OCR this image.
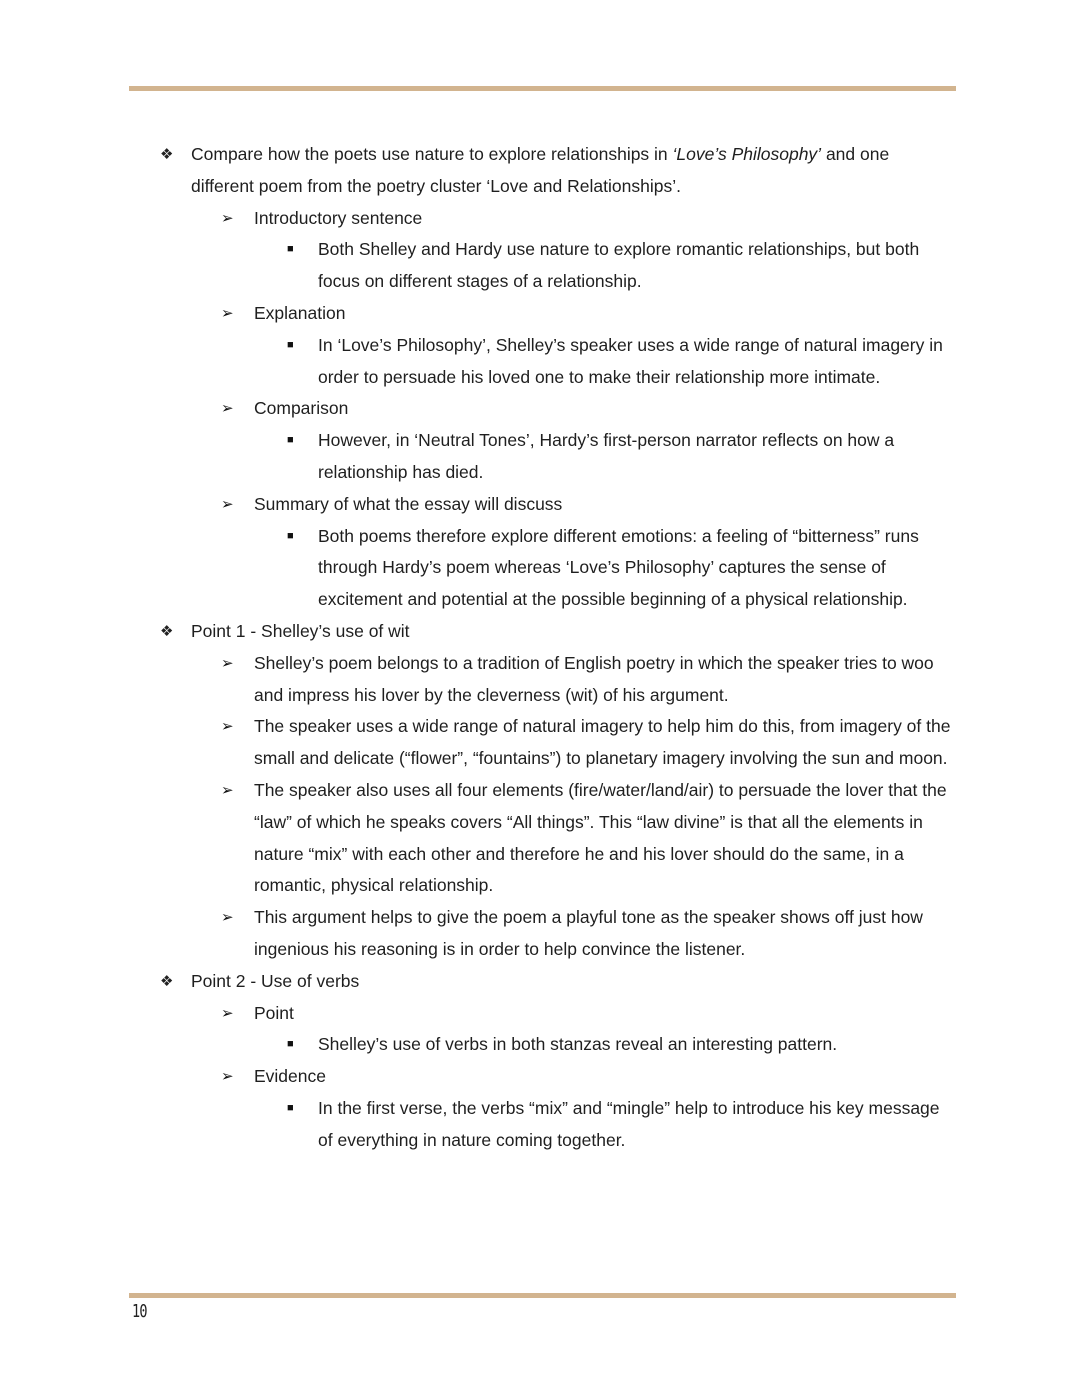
❖ Compare how the poets use nature to explore relationships in ‘Love’s Philosophy’ and one different poem from the poetry cluster ‘Love and Relationships’.
➢ Introductory sentence
■ Both Shelley and Hardy use nature to explore romantic relationships, but both focus on different stages of a relationship.
➢ Explanation
■ In ‘Love’s Philosophy’, Shelley’s speaker uses a wide range of natural imagery in order to persuade his loved one to make their relationship more intimate.
➢ Comparison
■ However, in ‘Neutral Tones’, Hardy’s first-person narrator reflects on how a relationship has died.
➢ Summary of what the essay will discuss
■ Both poems therefore explore different emotions: a feeling of “bitterness” runs through Hardy’s poem whereas ‘Love’s Philosophy’ captures the sense of excitement and potential at the possible beginning of a physical relationship.
❖ Point 1 - Shelley’s use of wit
➢ Shelley’s poem belongs to a tradition of English poetry in which the speaker tries to woo and impress his lover by the cleverness (wit) of his argument.
➢ The speaker uses a wide range of natural imagery to help him do this, from imagery of the small and delicate (“flower”, “fountains”) to planetary imagery involving the sun and moon.
➢ The speaker also uses all four elements (fire/water/land/air) to persuade the lover that the “law” of which he speaks covers “All things”. This “law divine” is that all the elements in nature “mix” with each other and therefore he and his lover should do the same, in a romantic, physical relationship.
➢ This argument helps to give the poem a playful tone as the speaker shows off just how ingenious his reasoning is in order to help convince the listener.
❖ Point 2 - Use of verbs
➢ Point
■ Shelley’s use of verbs in both stanzas reveal an interesting pattern.
➢ Evidence
■ In the first verse, the verbs “mix” and “mingle” help to introduce his key message of everything in nature coming together.
10
